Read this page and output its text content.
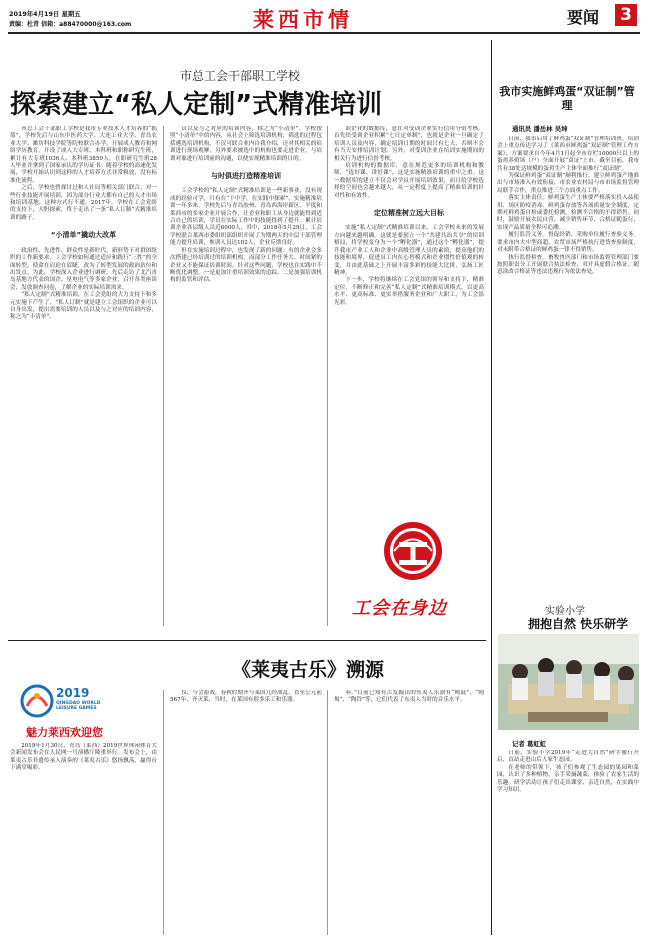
2019年4月19日 星期五
责编：杜青 信箱：a88470000@163.com	莱西市情	要闻 3
市总工会干部职工学校
探索建立“私人定制”式精准培训

市总工会干部职工学校是我市专业技术人才培养的“摇篮”，学校先后与山东中医药大学、大连工业大学、青岛农业大学、潍坊科技学院等院校联合办学，开展成人教育和网络学历教育。开设了成人大专班、本科班和职称研究生班，累计有大专班1036人、本科班3850人，在职研究生班28人毕业并拿到了国家承认的学历证书。随着学校的高速化发展，学校开始认识到这样的人才培养方式非常粗放，没有标准化流程。

之后，学校也曾探讨过和人社局等相关部门联合，对一些行业技能开展培训，因为部分行业大都有自己的人才市场和培训基地，这种方式行不通。2017年，学校在工会党组的支持下，大胆探索，终于走出了一条“私人订制”式精准培训的路子。

“小清单”撬动大改革

政治性、先进性、群众性是新时代、新形势下对群团组织的工作新要求，工会学校如何通过适应和践行“三性”的全面转型，使命在肩迫在眉睫，改为了转型发展的政治站位和出发点。为此，学校深入企业进行调研，先后走访了北汽青岛基地方代表的国企、星电电气等多家企业，召开各类座谈会，发放调查问卷，了解企业的实际培训需求。

“私人定制”式精准培训，在工会党组的大力支持下和多元实施下产生了，“私人订制”就是建立工会组织的企业可以自身出发，提出需要培训的人员以及与之对应的培训内容，称之为“小清单”。

员以及与之对应的培训内容，称之为“小清单”。学校按照“小清单”中的内容，从社会上筛选培训机构，筛选的过程包括遴选培训机构，不仅可联合业内自我介绍，还对其相关的培训进行现场观摩，另外要求被选中的机构也要走进企业，与培训对象进行培训前的沟通，以便实现精准培训的目的。

与时俱进打造精准培训

工会学校的“私人定制”式精准培训是一些新事业，没有现成的经验可学，只有在“干中学，在实践中探索”。实施精准培训一年多来，学校先后与青岛胶州、青岛西海岸新区、平度和莱西市的多家企业开展合作，让企业和职工从身边就能得到适合自己的培训，学员在实际工作中的技能得到了提升。累计培训企业各层级人员近6000人，其中，2018年5月29日，工会学校联合莱西市委组织部组织开展了为期两天的中层干部管理能力提升培训，参训人员达102人，企业反馈良好。

但在实施培训过程中，也发现了新的问题：有的企业会多次搭建已经培训过的培训机构，而部分工作任务大、时间紧的企业又不能保证培训时间。针对这些问题，学校也在实践中不断优化调整，一是更加注重培训效果的追踪。二是加强培训机构的监管和评估。

训企业的数据库，意在对受训企业实行信用分值考核。首先给受训企业积累“七日定单制”，也就是企业一旦确定了培训人员及内容，确定培训日期的时间只有七天，否则不会有当天安排培训计划。另外，对受训企业在培训实施期间的相关行为进行信誉考核。

培训机构的数据库，意在规范更多的培训机构和教师、“选好课、讲好课”，这是实施精准培训的重中之重。这一数据库的建立不仅会对学员开展培训效果，而且给学校选择的空间也会越来越大，从一定程度上提高了精准培训的针对性和有效性。

定位精准树立远大目标

实施“私人定制”式精准培训以来，工会学校未来的发展方向越来越明确。这就是要创立一个“共建共治共享”的培训格局，将学校变身为一个“孵化器”，通过这个“孵化器”，提升我市产业工人和企业中高级管理人员的素质，提高他们的技能和境界，促进员工内在心智模式和企业惯性价值观的转变，并由此基础之上开展丰富多彩的技能大比拼，弘扬工匠精神。

下一步，学校将继续在工会党组的领导和支持下，精准定位，不断修正和完善“私人定制”式精准培训模式，以更高水平、更高标准、更实举措服务企业和广大职工，为工会添光彩。

工会在身边
我市实施鲜鸡蛋“双证制”管理
通讯员 潘岳林 吴坤

日前，我市启用了鲜鸡蛋“双证制”管理培训班。培训会上重点传达学习了《莱西市鲜鸡蛋“双证制”管理工作方案》，方案要求自今年4月1日起全市存栏10000只以上的蛋鸡养殖场（户）全面开展“双证”上市。截至目前，我市共有38处达规模的蛋鸡生产主体全面推行“双证制”。

为保证鲜鸡蛋“双证制”顺利推行，建立鲜鸡蛋产地准出与市场准入有效衔接，市农业农村局与市市场监督管理局联手合作，重点推进三个方面重点工作。

落实主体责任。鲜鸡蛋生产主体要严格落实投入品使用、场区防疫消毒、鲜鸡蛋存放等各项质量安全制度，定期对鲜鸡蛋自检或委托检测，检测不合格的不得销售。同时，鼓励开展农民自营，减少销售环节，合格证随蛋行，实现产品质量全程可追溯。

履行监管义务。督促经销、采购单位履行查验义务。要求市内大中型商超、农贸市场严格执行进货查验制度，对未附带合格证的鲜鸡蛋一律不得销售。

执行监督检查。畜牧兽医部门和市场监督管理部门要按照职责分工开展联合执法检查，对开具虚假合格证、随意涂改合格证等违法违规行为依法查处。

实验小学
拥抱自然 快乐研学
记者 葛虹虹

日前，实验小学2019年“走进大自然”研学旅行开启，首站走进山后人家生态园。

在老师的带领下，孩子们参观了生态园的果园和菜园，认识了多种植物，亲手采摘蔬菜，体验了农家生活的乐趣。研学活动让孩子们走出课堂、亲近自然，在实践中学习知识。

《莱夷古乐》溯源
2019
QINGDAO WORLD LEISURE GAMES
魅力莱西欢迎您

2019年1月30日，青岛（莱西）2019世界休闲体育大会新闻发布会在人民网一号演播厅隆重举行。发布会上，由莱夷古乐非遗传承人演奏的《莱夷古乐》悠扬飘荡，赢得台下满堂喝彩。

仪、与会游戏，春秋时期齐与莱国几经战乱，直至公元前567年，齐灭莱，当时，在莱国有很多乐工和乐器。

奏。”目前已知有古发掘出的东夷人乐器有“陶鼓”、“陶埙”、“陶铃”等，它们代表了东夷人当时的音乐水平。
